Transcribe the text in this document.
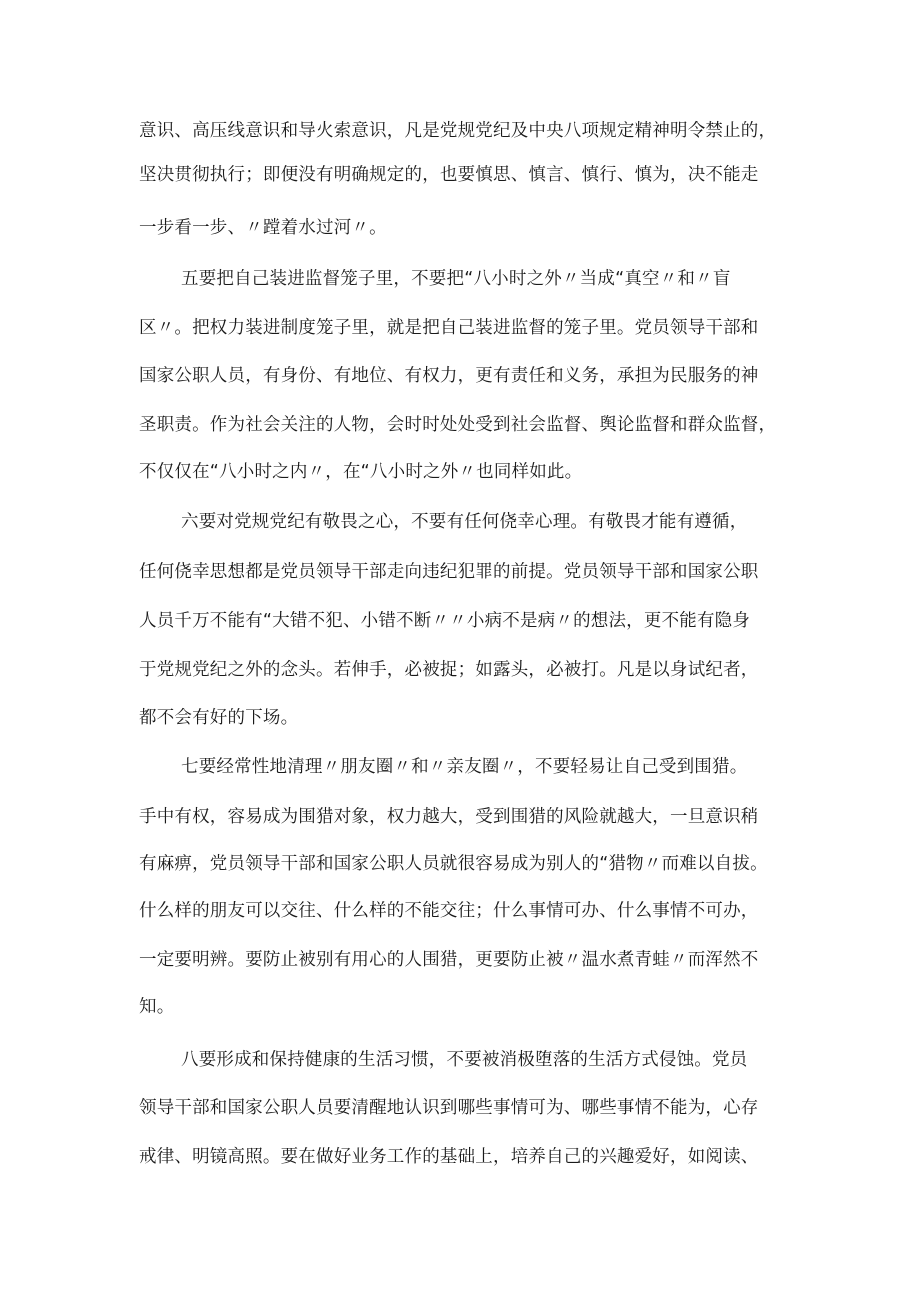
意识、高压线意识和导火索意识，凡是党规党纪及中央八项规定精神明令禁止的，
坚决贯彻执行；即便没有明确规定的，也要慎思、慎言、慎行、慎为，决不能走
一步看一步、〃蹚着水过河〃。
五要把自己装进监督笼子里，不要把“八小时之外〃当成“真空〃和〃盲
区〃。把权力装进制度笼子里，就是把自己装进监督的笼子里。党员领导干部和
国家公职人员，有身份、有地位、有权力，更有责任和义务，承担为民服务的神
圣职责。作为社会关注的人物，会时时处处受到社会监督、舆论监督和群众监督，
不仅仅在“八小时之内〃，在“八小时之外〃也同样如此。
六要对党规党纪有敬畏之心，不要有任何侥幸心理。有敬畏才能有遵循，
任何侥幸思想都是党员领导干部走向违纪犯罪的前提。党员领导干部和国家公职
人员千万不能有“大错不犯、小错不断〃〃小病不是病〃的想法，更不能有隐身
于党规党纪之外的念头。若伸手，必被捉；如露头，必被打。凡是以身试纪者，
都不会有好的下场。
七要经常性地清理〃朋友圈〃和〃亲友圈〃，不要轻易让自己受到围猎。
手中有权，容易成为围猎对象，权力越大，受到围猎的风险就越大，一旦意识稍
有麻痹，党员领导干部和国家公职人员就很容易成为别人的“猎物〃而难以自拔。
什么样的朋友可以交往、什么样的不能交往；什么事情可办、什么事情不可办，
一定要明辨。要防止被别有用心的人围猎，更要防止被〃温水煮青蛙〃而浑然不
知。
八要形成和保持健康的生活习惯，不要被消极堕落的生活方式侵蚀。党员
领导干部和国家公职人员要清醒地认识到哪些事情可为、哪些事情不能为，心存
戒律、明镜高照。要在做好业务工作的基础上，培养自己的兴趣爱好，如阅读、
